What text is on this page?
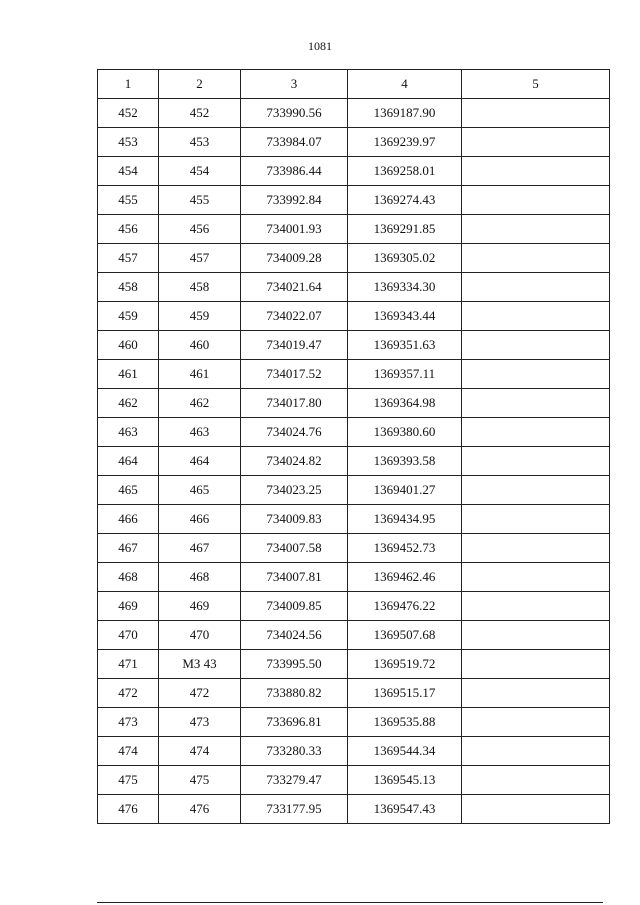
1081
1	2	3	4	5
452	452	733990.56	1369187.90	
453	453	733984.07	1369239.97	
454	454	733986.44	1369258.01	
455	455	733992.84	1369274.43	
456	456	734001.93	1369291.85	
457	457	734009.28	1369305.02	
458	458	734021.64	1369334.30	
459	459	734022.07	1369343.44	
460	460	734019.47	1369351.63	
461	461	734017.52	1369357.11	
462	462	734017.80	1369364.98	
463	463	734024.76	1369380.60	
464	464	734024.82	1369393.58	
465	465	734023.25	1369401.27	
466	466	734009.83	1369434.95	
467	467	734007.58	1369452.73	
468	468	734007.81	1369462.46	
469	469	734009.85	1369476.22	
470	470	734024.56	1369507.68	
471	МЗ 43	733995.50	1369519.72	
472	472	733880.82	1369515.17	
473	473	733696.81	1369535.88	
474	474	733280.33	1369544.34	
475	475	733279.47	1369545.13	
476	476	733177.95	1369547.43	
